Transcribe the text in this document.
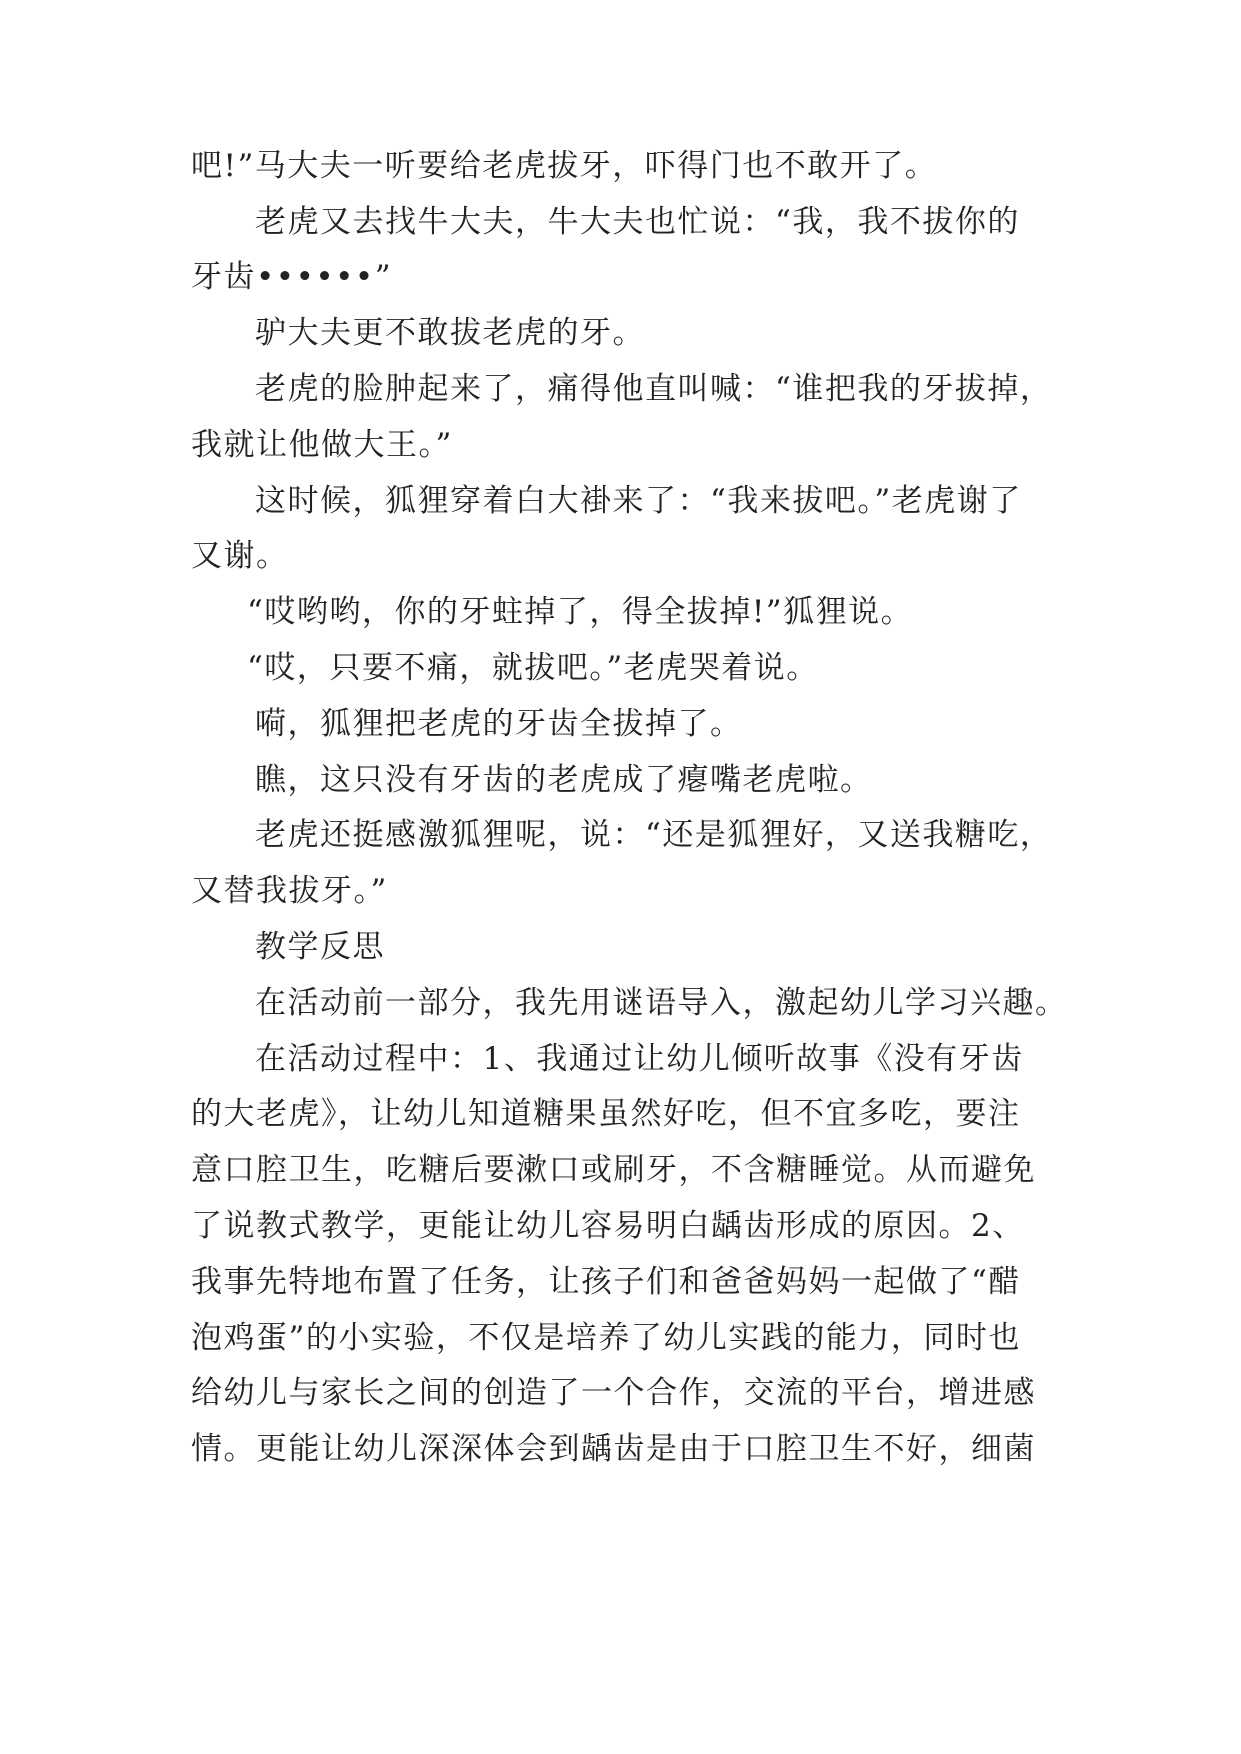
吧!”马大夫一听要给老虎拔牙，吓得门也不敢开了。
老虎又去找牛大夫，牛大夫也忙说：“我，我不拔你的
牙齿••••••”
驴大夫更不敢拔老虎的牙。
老虎的脸肿起来了，痛得他直叫喊：“谁把我的牙拔掉，
我就让他做大王。”
这时候，狐狸穿着白大褂来了：“我来拔吧。”老虎谢了
又谢。
“哎哟哟，你的牙蛀掉了，得全拔掉!”狐狸说。
“哎，只要不痛，就拔吧。”老虎哭着说。
嗬，狐狸把老虎的牙齿全拔掉了。
瞧，这只没有牙齿的老虎成了瘪嘴老虎啦。
老虎还挺感激狐狸呢，说：“还是狐狸好，又送我糖吃，
又替我拔牙。”
教学反思
在活动前一部分，我先用谜语导入，激起幼儿学习兴趣。
在活动过程中：1、我通过让幼儿倾听故事《没有牙齿
的大老虎》，让幼儿知道糖果虽然好吃，但不宜多吃，要注
意口腔卫生，吃糖后要漱口或刷牙，不含糖睡觉。从而避免
了说教式教学，更能让幼儿容易明白龋齿形成的原因。2、
我事先特地布置了任务，让孩子们和爸爸妈妈一起做了“醋
泡鸡蛋”的小实验，不仅是培养了幼儿实践的能力，同时也
给幼儿与家长之间的创造了一个合作，交流的平台，增进感
情。更能让幼儿深深体会到龋齿是由于口腔卫生不好，细菌
